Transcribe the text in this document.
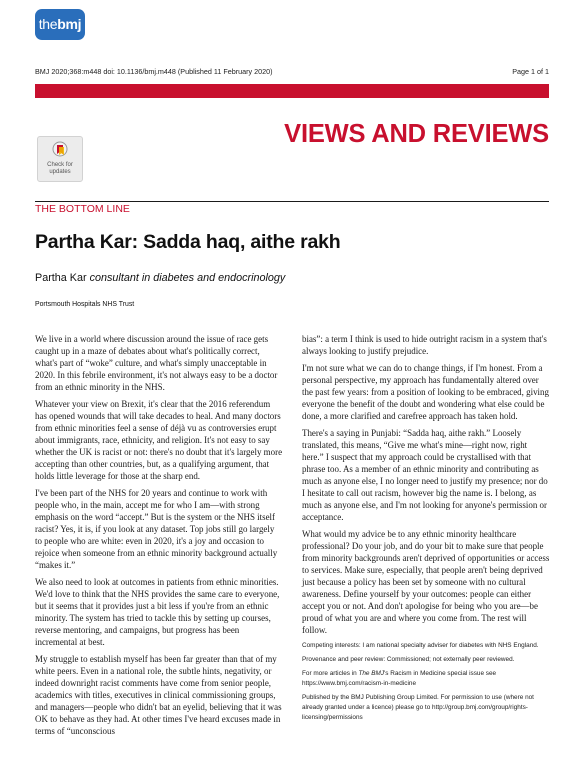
thebmj
BMJ 2020;368:m448 doi: 10.1136/bmj.m448 (Published 11 February 2020)	Page 1 of 1
VIEWS AND REVIEWS
Check for
updates
THE BOTTOM LINE
Partha Kar: Sadda haq, aithe rakh
Partha Kar consultant in diabetes and endocrinology
Portsmouth Hospitals NHS Trust

We live in a world where discussion around the issue of race gets caught up in a maze of debates about what's politically correct, what's part of “woke” culture, and what's simply unacceptable in 2020. In this febrile environment, it's not always easy to be a doctor from an ethnic minority in the NHS.

Whatever your view on Brexit, it's clear that the 2016 referendum has opened wounds that will take decades to heal. And many doctors from ethnic minorities feel a sense of déjà vu as controversies erupt about immigrants, race, ethnicity, and religion. It's not easy to say whether the UK is racist or not: there's no doubt that it's largely more accepting than other countries, but, as a qualifying argument, that holds little leverage for those at the sharp end.

I've been part of the NHS for 20 years and continue to work with people who, in the main, accept me for who I am—with strong emphasis on the word “accept.” But is the system or the NHS itself racist? Yes, it is, if you look at any dataset. Top jobs still go largely to people who are white: even in 2020, it's a joy and occasion to rejoice when someone from an ethnic minority background actually “makes it.”

We also need to look at outcomes in patients from ethnic minorities. We'd love to think that the NHS provides the same care to everyone, but it seems that it provides just a bit less if you're from an ethnic minority. The system has tried to tackle this by setting up courses, reverse mentoring, and campaigns, but progress has been incremental at best.

My struggle to establish myself has been far greater than that of my white peers. Even in a national role, the subtle hints, negativity, or indeed downright racist comments have come from senior people, academics with titles, executives in clinical commissioning groups, and managers—people who didn't bat an eyelid, believing that it was OK to behave as they had. At other times I've heard excuses made in terms of “unconscious

bias”: a term I think is used to hide outright racism in a system that's always looking to justify prejudice.

I'm not sure what we can do to change things, if I'm honest. From a personal perspective, my approach has fundamentally altered over the past few years: from a position of looking to be embraced, giving everyone the benefit of the doubt and wondering what else could be done, a more clarified and carefree approach has taken hold.

There's a saying in Punjabi: “Sadda haq, aithe rakh.” Loosely translated, this means, “Give me what's mine—right now, right here.” I suspect that my approach could be crystallised with that phrase too. As a member of an ethnic minority and contributing as much as anyone else, I no longer need to justify my presence; nor do I hesitate to call out racism, however big the name is. I belong, as much as anyone else, and I'm not looking for anyone's permission or acceptance.

What would my advice be to any ethnic minority healthcare professional? Do your job, and do your bit to make sure that people from minority backgrounds aren't deprived of opportunities or access to services. Make sure, especially, that people aren't being deprived just because a policy has been set by someone with no cultural awareness. Define yourself by your outcomes: people can either accept you or not. And don't apologise for being who you are—be proud of what you are and where you come from. The rest will follow.

Competing interests: I am national specialty adviser for diabetes with NHS England.

Provenance and peer review: Commissioned; not externally peer reviewed.

For more articles in The BMJ's Racism in Medicine special issue see https://www.bmj.com/racism-in-medicine

Published by the BMJ Publishing Group Limited. For permission to use (where not already granted under a licence) please go to http://group.bmj.com/group/rights-licensing/permissions
